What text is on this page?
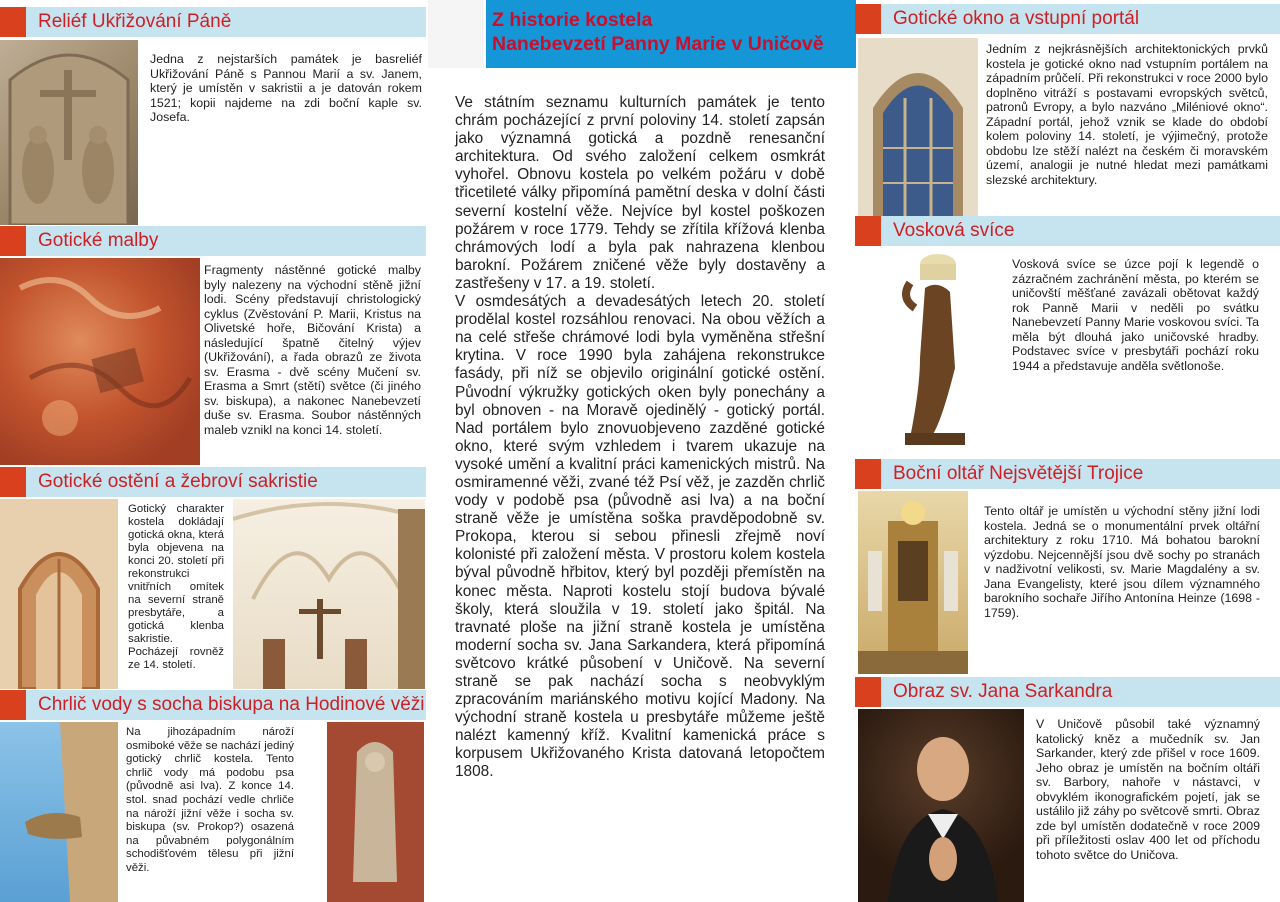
Reliéf Ukřižování Páně
Jedna z nejstarších památek je basreliéf Ukřižování Páně s Pannou Marií a sv. Janem, který je umístěn v sakristii a je datován rokem 1521; kopii najdeme na zdi boční kaple sv. Josefa.
Gotické malby
Fragmenty nástěnné gotické malby byly nalezeny na východní stěně jižní lodi. Scény představují christologický cyklus (Zvěstování P. Marii, Kristus na Olivetské hoře, Bičování Krista) a následující špatně čitelný výjev (Ukřižování), a řada obrazů ze života sv. Erasma - dvě scény Mučení sv. Erasma a Smrt (stětí) světce (či jiného sv. biskupa), a nakonec Nanebevzetí duše sv. Erasma. Soubor nástěnných maleb vznikl na konci 14. století.
Gotické ostění a žebroví sakristie
Gotický charakter kostela dokládají gotická okna, která byla objevena na konci 20. století při rekonstrukci vnitřních omítek na severní straně presbytáře, a gotická klenba sakristie. Pocházejí rovněž ze 14. století.
Chrlič vody s socha biskupa na Hodinové věži
Na jihozápadním nároží osmiboké věže se nachází jediný gotický chrlič kostela. Tento chrlič vody má podobu psa (původně asi lva). Z konce 14. stol. snad pochází vedle chrliče na nároží jižní věže i socha sv. biskupa (sv. Prokop?) osazená na půvabném polygonálním schodišťovém tělesu při jižní věži.
Z historie kostela
Nanebevzetí Panny Marie v Uničově

Ve státním seznamu kulturních památek je tento chrám pocházející z první poloviny 14. století zapsán jako významná gotická a pozdně renesanční architektura. Od svého založení celkem osmkrát vyhořel. Obnovu kostela po velkém požáru v době třicetileté války připomíná pamětní deska v dolní části severní kostelní věže. Nejvíce byl kostel poškozen požárem v roce 1779. Tehdy se zřítila křížová klenba chrámových lodí a byla pak nahrazena klenbou barokní. Požárem zničené věže byly dostavěny a zastřešeny v 17. a 19. století.

V osmdesátých a devadesátých letech 20. století prodělal kostel rozsáhlou renovaci. Na obou věžích a na celé střeše chrámové lodi byla vyměněna střešní krytina. V roce 1990 byla zahájena rekonstrukce fasády, při níž se objevilo originální gotické ostění. Původní výkružky gotických oken byly ponechány a byl obnoven - na Moravě ojedinělý - gotický portál. Nad portálem bylo znovuobjeveno zazděné gotické okno, které svým vzhledem i tvarem ukazuje na vysoké umění a kvalitní práci kamenických mistrů. Na osmiramenné věži, zvané též Psí věž, je zazděn chrlič vody v podobě psa (původně asi lva) a na boční straně věže je umístěna soška pravděpodobně sv. Prokopa, kterou si sebou přinesli zřejmě noví kolonisté při založení města. V prostoru kolem kostela býval původně hřbitov, který byl později přemístěn na konec města. Naproti kostelu stojí budova bývalé školy, která sloužila v 19. století jako špitál. Na travnaté ploše na jižní straně kostela je umístěna moderní socha sv. Jana Sarkandera, která připomíná světcovo krátké působení v Uničově. Na severní straně se pak nachází socha s neobvyklým zpracováním mariánského motivu kojící Madony. Na východní straně kostela u presbytáře můžeme ještě nalézt kamenný kříž. Kvalitní kamenická práce s korpusem Ukřižovaného Krista datovaná letopočtem 1808.

Gotické okno a vstupní portál
Jedním z nejkrásnějších architektonických prvků kostela je gotické okno nad vstupním portálem na západním průčelí. Při rekonstrukci v roce 2000 bylo doplněno vitráží s postavami evropských světců, patronů Evropy, a bylo nazváno „Miléniové okno“. Západní portál, jehož vznik se klade do období kolem poloviny 14. století, je výjimečný, protože obdobu lze stěží nalézt na českém či moravském území, analogii je nutné hledat mezi památkami slezské architektury.
Vosková svíce
Vosková svíce se úzce pojí k legendě o zázračném zachránění města, po kterém se uničovští měšťané zavázali obětovat každý rok Panně Marii v neděli po svátku Nanebevzetí Panny Marie voskovou svíci. Ta měla být dlouhá jako uničovské hradby. Podstavec svíce v presbytáři pochází roku 1944 a představuje anděla světlonoše.
Boční oltář Nejsvětější Trojice
Tento oltář je umístěn u východní stěny jižní lodi kostela. Jedná se o monumentální prvek oltářní architektury z roku 1710. Má bohatou barokní výzdobu. Nejcennější jsou dvě sochy po stranách v nadživotní velikosti, sv. Marie Magdalény a sv. Jana Evangelisty, které jsou dílem významného barokního sochaře Jiřího Antonína Heinze (1698 - 1759).
Obraz sv. Jana Sarkandra
V Uničově působil také významný katolický kněz a mučedník sv. Jan Sarkander, který zde přišel v roce 1609. Jeho obraz je umístěn na bočním oltáři sv. Barbory, nahoře v nástavci, v obvyklém ikonografickém pojetí, jak se ustálilo již záhy po světcově smrti. Obraz zde byl umístěn dodatečně v roce 2009 při příležitosti oslav 400 let od příchodu tohoto světce do Uničova.
